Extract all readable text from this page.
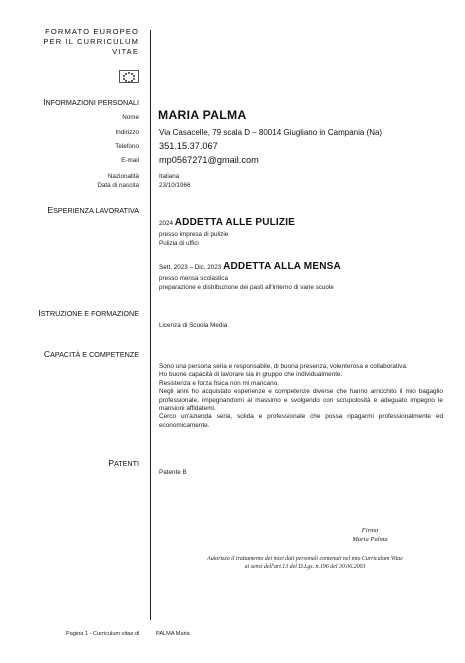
FORMATO EUROPEO
PER IL CURRICULUM
VITAE
INFORMAZIONI PERSONALI
Nome MARIA PALMA
Indirizzo	Via Casacelle, 79 scala D – 80014 Giugliano in Campania (Na)
Telefono 351.15.37.067
E-mail mp0567271@gmail.com
Nazionalità	Italiana
Data di nascita	23/10/1966
ESPERIENZA LAVORATIVA
2024 ADDETTA ALLE PULIZIE
presso impresa di pulizie
Pulizia di uffici
Sett. 2023 – Dic. 2023 ADDETTA ALLA MENSA
presso mensa scolastica
preparazione e distribuzione dei pasti all'interno di varie scuole
ISTRUZIONE E FORMAZIONE
Licenza di Scuola Media
CAPACITÀ E COMPETENZE

Sono una persona seria e responsabile, di buona presenza, volenterosa e collaborativa.

Ho buone capacità di lavorare sia in gruppo che individualmente.

Resistenza e forza fisica non mi mancano.

Negli anni ho acquistato esperienze e competenze diverse che hanno arricchito il mio bagaglio professionale, impegnandomi al massimo e svolgendo con scrupolosità e adeguato impegno le mansioni affidatemi.

Cerco un'azienda seria, solida e professionale che possa ripagarmi professionalmente ed economicamente.

PATENTI
Patente B
Firma
Maria Palma
Autorizzo il trattamento dei miei dati personali contenuti nel mio Curriculum Vitae
ai sensi dell'art.13 del D.Lgs. n.196 del 30.06.2003
Pagina 1 - Curriculum vitae di	PALMA Maria
